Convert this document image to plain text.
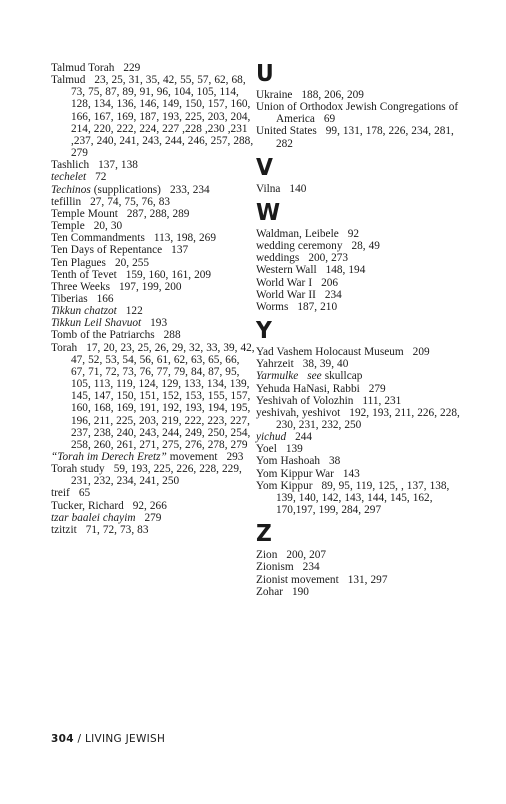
Talmud Torah 229
Talmud 23, 25, 31, 35, 42, 55, 57, 62, 68, 73, 75, 87, 89, 91, 96, 104, 105, 114, 128, 134, 136, 146, 149, 150, 157, 160, 166, 167, 169, 187, 193, 225, 203, 204, 214, 220, 222, 224, 227 ,228 ,230 ,231 ,237, 240, 241, 243, 244, 246, 257, 288, 279
Tashlich 137, 138
techelet 72
Techinos (supplications) 233, 234
tefillin 27, 74, 75, 76, 83
Temple Mount 287, 288, 289
Temple 20, 30
Ten Commandments 113, 198, 269
Ten Days of Repentance 137
Ten Plagues 20, 255
Tenth of Tevet 159, 160, 161, 209
Three Weeks 197, 199, 200
Tiberias 166
Tikkun chatzot 122
Tikkun Leil Shavuot 193
Tomb of the Patriarchs 288
Torah 17, 20, 23, 25, 26, 29, 32, 33, 39, 42, 47, 52, 53, 54, 56, 61, 62, 63, 65, 66, 67, 71, 72, 73, 76, 77, 79, 84, 87, 95, 105, 113, 119, 124, 129, 133, 134, 139, 145, 147, 150, 151, 152, 153, 155, 157, 160, 168, 169, 191, 192, 193, 194, 195, 196, 211, 225, 203, 219, 222, 223, 227, 237, 238, 240, 243, 244, 249, 250, 254, 258, 260, 261, 271, 275, 276, 278, 279
“Torah im Derech Eretz” movement 293
Torah study 59, 193, 225, 226, 228, 229, 231, 232, 234, 241, 250
treif 65
Tucker, Richard 92, 266
tzar baalei chayim 279
tzitzit 71, 72, 73, 83
U
Ukraine 188, 206, 209
Union of Orthodox Jewish Congregations of America 69
United States 99, 131, 178, 226, 234, 281, 282
V
Vilna 140
W
Waldman, Leibele 92
wedding ceremony 28, 49
weddings 200, 273
Western Wall 148, 194
World War I 206
World War II 234
Worms 187, 210
Y
Yad Vashem Holocaust Museum 209
Yahrzeit 38, 39, 40
Yarmulke see skullcap
Yehuda HaNasi, Rabbi 279
Yeshivah of Volozhin 111, 231
yeshivah, yeshivot 192, 193, 211, 226, 228, 230, 231, 232, 250
yichud 244
Yoel 139
Yom Hashoah 38
Yom Kippur War 143
Yom Kippur 89, 95, 119, 125, , 137, 138, 139, 140, 142, 143, 144, 145, 162, 170,197, 199, 284, 297
Z
Zion 200, 207
Zionism 234
Zionist movement 131, 297
Zohar 190
304 / LIVING JEWISH
